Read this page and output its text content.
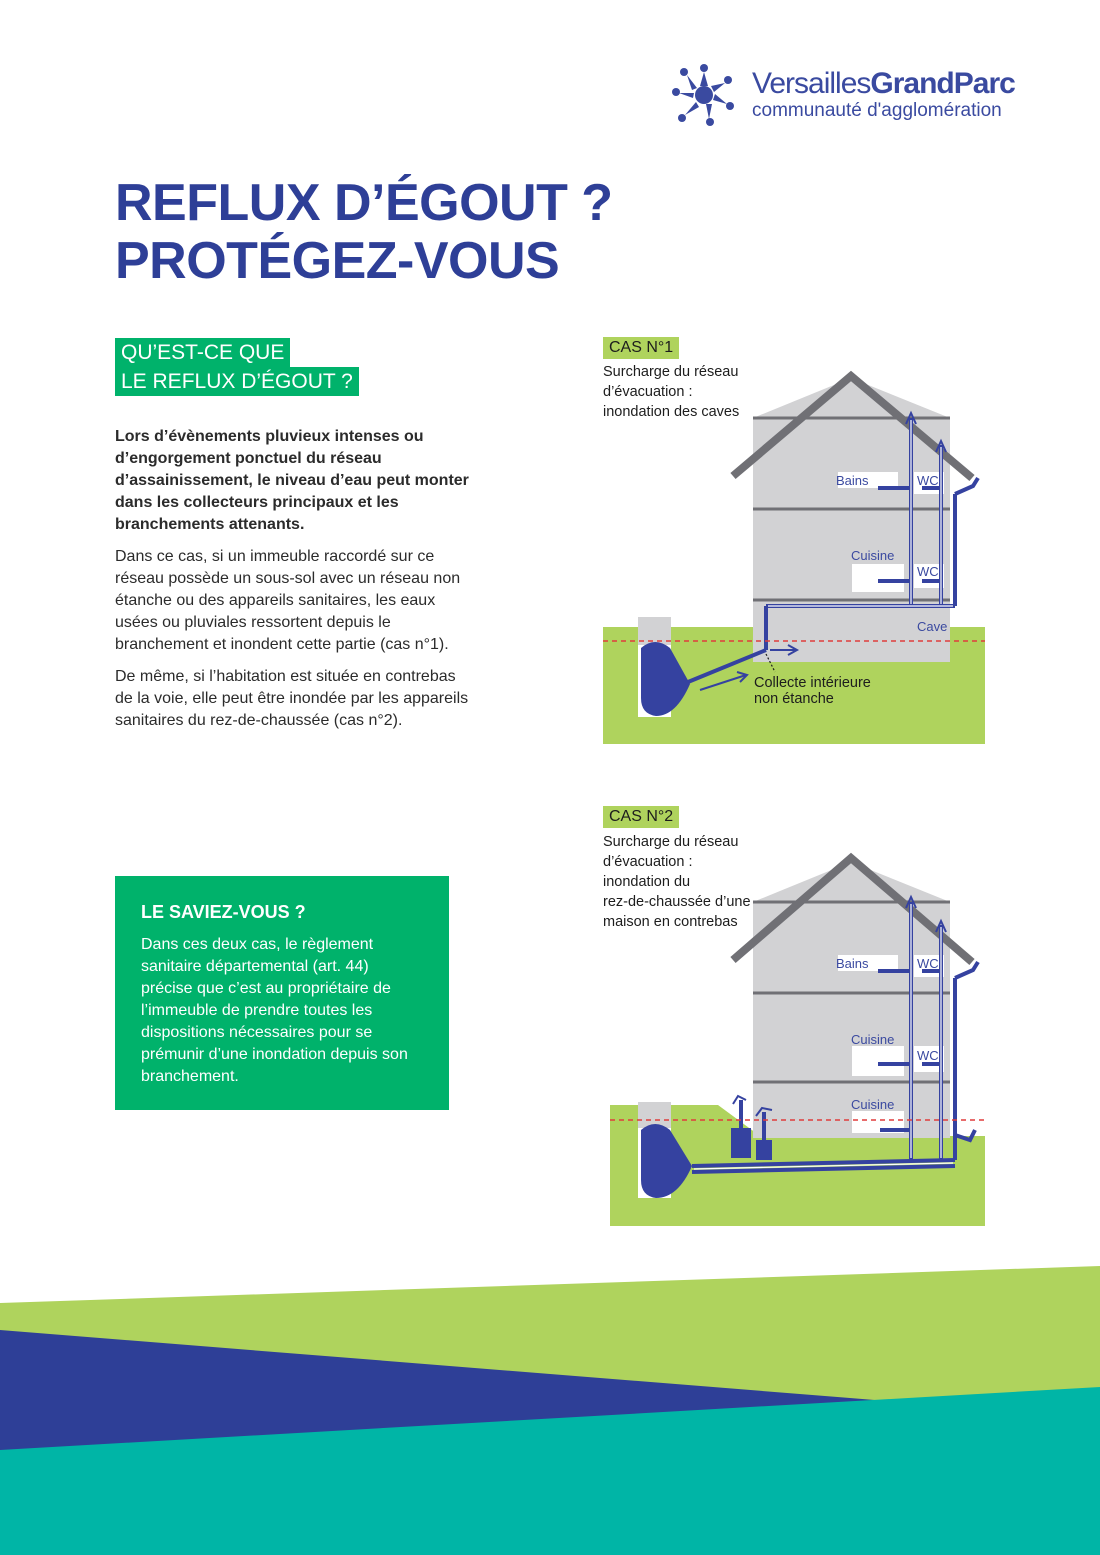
VersaillesGrandParc
communauté d'agglomération
REFLUX D’ÉGOUT ?
PROTÉGEZ-VOUS
QU’EST-CE QUE
LE REFLUX D’ÉGOUT ?

Lors d’évènements pluvieux intenses ou d’engorgement ponctuel du réseau d’assainissement, le niveau d’eau peut monter dans les collecteurs principaux et les branchements attenants.

Dans ce cas, si un immeuble raccordé sur ce réseau possède un sous-sol avec un réseau non étanche ou des appareils sanitaires, les eaux usées ou pluviales ressortent depuis le branchement et inondent cette partie (cas n°1).

De même, si l’habitation est située en contrebas de la voie, elle peut être inondée par les appareils sanitaires du rez-de-chaussée (cas n°2).

LE SAVIEZ-VOUS ?
Dans ces deux cas, le règlement sanitaire départemental (art. 44) précise que c’est au propriétaire de l’immeuble de prendre toutes les dispositions nécessaires pour se prémunir d’une inondation depuis son branchement.
CAS N°1
Surcharge du réseau
d’évacuation :
inondation des caves
Bains	WC
Cuisine
WC
Cave
Collecte intérieure
non étanche
CAS N°2
Surcharge du réseau
d’évacuation :
inondation du
rez-de-chaussée d’une
maison en contrebas
Bains	WC
Cuisine
WC
Cuisine
